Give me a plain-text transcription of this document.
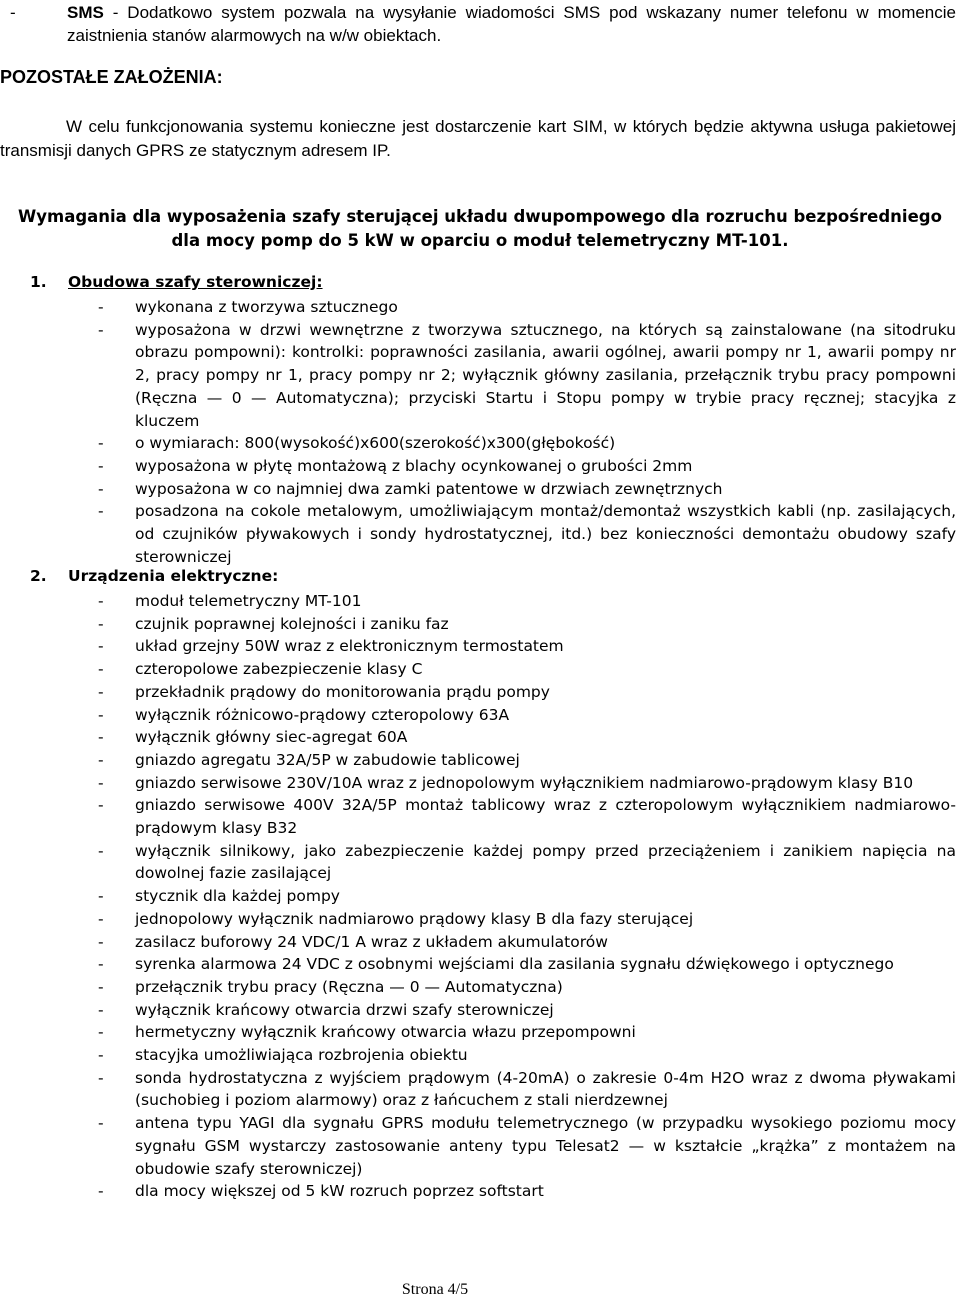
-	SMS - Dodatkowo system pozwala na wysyłanie wiadomości SMS pod wskazany numer telefonu w momencie zaistnienia stanów alarmowych na w/w obiektach.
POZOSTAŁE ZAŁOŻENIA:
W celu funkcjonowania systemu konieczne jest dostarczenie kart SIM, w których będzie aktywna usługa pakietowej transmisji danych GPRS ze statycznym adresem IP.
Wymagania dla wyposażenia szafy sterującej układu dwupompowego dla rozruchu bezpośredniego
dla mocy pomp do 5 kW w oparciu o moduł telemetryczny MT-101.
1. Obudowa szafy sterowniczej:
- wykonana z tworzywa sztucznego
- wyposażona w drzwi wewnętrzne z tworzywa sztucznego, na których są zainstalowane (na sitodruku obrazu pompowni): kontrolki: poprawności zasilania, awarii ogólnej, awarii pompy nr 1, awarii pompy nr 2, pracy pompy nr 1, pracy pompy nr 2; wyłącznik główny zasilania, przełącznik trybu pracy pompowni (Ręczna — 0 — Automatyczna); przyciski Startu i Stopu pompy w trybie pracy ręcznej; stacyjka z kluczem
- o wymiarach: 800(wysokość)x600(szerokość)x300(głębokość)
- wyposażona w płytę montażową z blachy ocynkowanej o grubości 2mm
- wyposażona w co najmniej dwa zamki patentowe w drzwiach zewnętrznych
- posadzona na cokole metalowym, umożliwiającym montaż/demontaż wszystkich kabli (np. zasilających, od czujników pływakowych i sondy hydrostatycznej, itd.) bez konieczności demontażu obudowy szafy sterowniczej
2. Urządzenia elektryczne:
- moduł telemetryczny MT-101
- czujnik poprawnej kolejności i zaniku faz
- układ grzejny 50W wraz z elektronicznym termostatem
- czteropolowe zabezpieczenie klasy C
- przekładnik prądowy do monitorowania prądu pompy
- wyłącznik różnicowo-prądowy czteropolowy 63A
- wyłącznik główny siec-agregat 60A
- gniazdo agregatu 32A/5P w zabudowie tablicowej
- gniazdo serwisowe 230V/10A wraz z jednopolowym wyłącznikiem nadmiarowo-prądowym klasy B10
- gniazdo serwisowe 400V 32A/5P montaż tablicowy wraz z czteropolowym wyłącznikiem nadmiarowo-prądowym klasy B32
- wyłącznik silnikowy, jako zabezpieczenie każdej pompy przed przeciążeniem i zanikiem napięcia na dowolnej fazie zasilającej
- stycznik dla każdej pompy
- jednopolowy wyłącznik nadmiarowo prądowy klasy B dla fazy sterującej
- zasilacz buforowy 24 VDC/1 A wraz z układem akumulatorów
- syrenka alarmowa 24 VDC z osobnymi wejściami dla zasilania sygnału dźwiękowego i optycznego
- przełącznik trybu pracy (Ręczna — 0 — Automatyczna)
- wyłącznik krańcowy otwarcia drzwi szafy sterowniczej
- hermetyczny wyłącznik krańcowy otwarcia włazu przepompowni
- stacyjka umożliwiająca rozbrojenia obiektu
- sonda hydrostatyczna z wyjściem prądowym (4-20mA) o zakresie 0-4m H2O wraz z dwoma pływakami (suchobieg i poziom alarmowy) oraz z łańcuchem z stali nierdzewnej
- antena typu YAGI dla sygnału GPRS modułu telemetrycznego (w przypadku wysokiego poziomu mocy sygnału GSM wystarczy zastosowanie anteny typu Telesat2 — w kształcie „krążka” z montażem na obudowie szafy sterowniczej)
- dla mocy większej od 5 kW rozruch poprzez softstart
Strona 4/5
